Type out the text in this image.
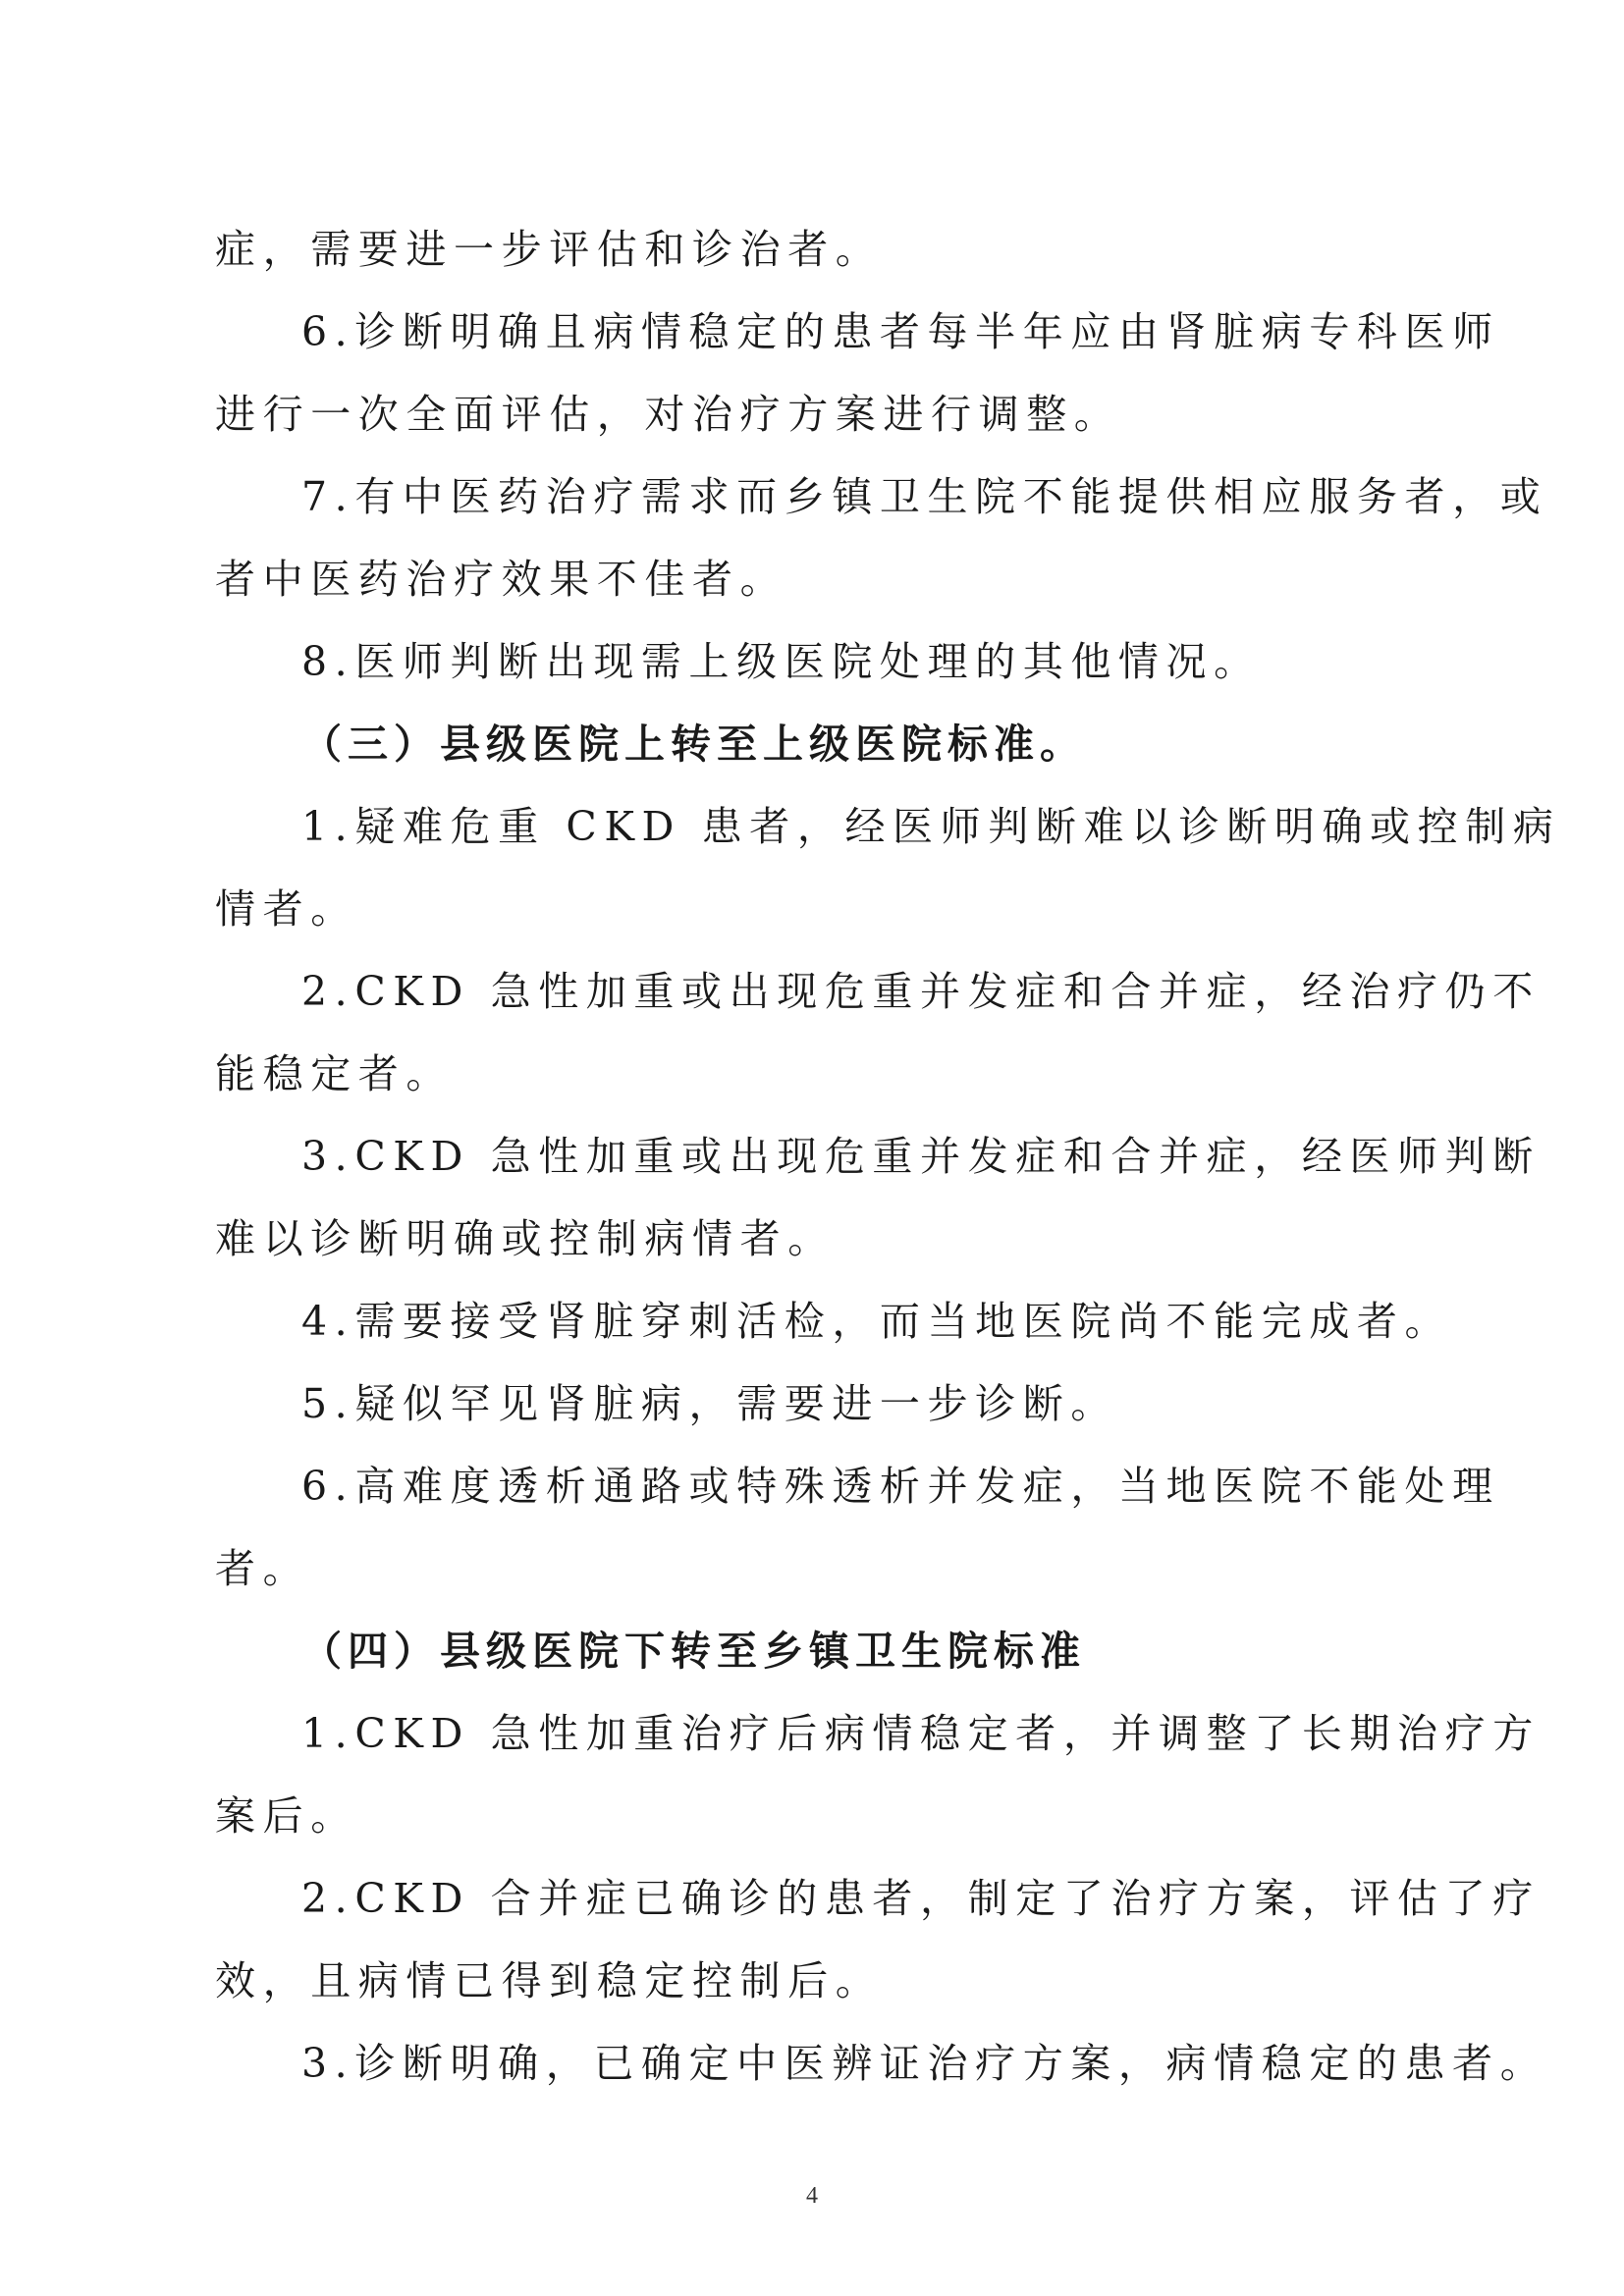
症，需要进一步评估和诊治者。
6.诊断明确且病情稳定的患者每半年应由肾脏病专科医师
进行一次全面评估，对治疗方案进行调整。
7.有中医药治疗需求而乡镇卫生院不能提供相应服务者，或
者中医药治疗效果不佳者。
8.医师判断出现需上级医院处理的其他情况。
（三）县级医院上转至上级医院标准。
1.疑难危重 CKD 患者，经医师判断难以诊断明确或控制病
情者。
2.CKD 急性加重或出现危重并发症和合并症，经治疗仍不
能稳定者。
3.CKD 急性加重或出现危重并发症和合并症，经医师判断
难以诊断明确或控制病情者。
4.需要接受肾脏穿刺活检，而当地医院尚不能完成者。
5.疑似罕见肾脏病，需要进一步诊断。
6.高难度透析通路或特殊透析并发症，当地医院不能处理
者。
（四）县级医院下转至乡镇卫生院标准
1.CKD 急性加重治疗后病情稳定者，并调整了长期治疗方
案后。
2.CKD 合并症已确诊的患者，制定了治疗方案，评估了疗
效，且病情已得到稳定控制后。
3.诊断明确，已确定中医辨证治疗方案，病情稳定的患者。
4
